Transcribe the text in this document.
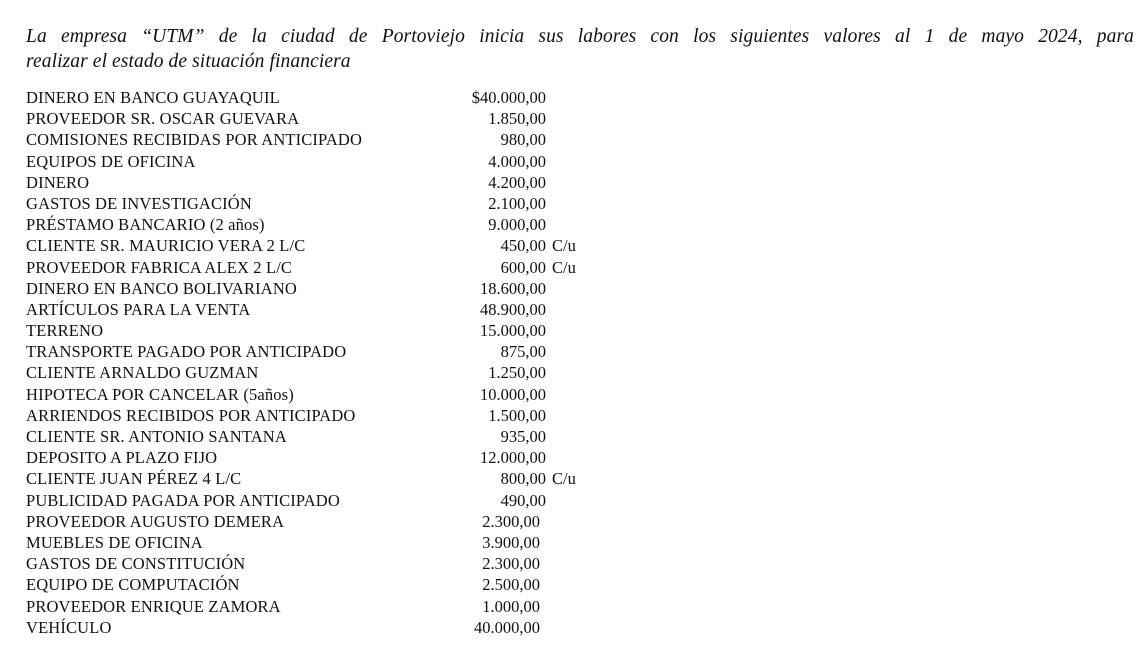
La empresa “UTM” de la ciudad de Portoviejo inicia sus labores con los siguientes valores al 1 de mayo 2024, para
realizar el estado de situación financiera
DINERO EN BANCO GUAYAQUIL	$40.000,00
PROVEEDOR SR. OSCAR GUEVARA	1.850,00
COMISIONES RECIBIDAS POR ANTICIPADO	980,00
EQUIPOS DE OFICINA	4.000,00
DINERO	4.200,00
GASTOS DE INVESTIGACIÓN	2.100,00
PRÉSTAMO BANCARIO (2 años)	9.000,00
CLIENTE SR. MAURICIO VERA 2 L/C	450,00 C/u
PROVEEDOR FABRICA ALEX 2 L/C	600,00 C/u
DINERO EN BANCO BOLIVARIANO	18.600,00
ARTÍCULOS PARA LA VENTA	48.900,00
TERRENO	15.000,00
TRANSPORTE PAGADO POR ANTICIPADO	875,00
CLIENTE ARNALDO GUZMAN	1.250,00
HIPOTECA POR CANCELAR (5años)	10.000,00
ARRIENDOS RECIBIDOS POR ANTICIPADO	1.500,00
CLIENTE SR. ANTONIO SANTANA	935,00
DEPOSITO A PLAZO FIJO	12.000,00
CLIENTE JUAN PÉREZ 4 L/C	800,00 C/u
PUBLICIDAD PAGADA POR ANTICIPADO	490,00
PROVEEDOR AUGUSTO DEMERA	2.300,00
MUEBLES DE OFICINA	3.900,00
GASTOS DE CONSTITUCIÓN	2.300,00
EQUIPO DE COMPUTACIÓN	2.500,00
PROVEEDOR ENRIQUE ZAMORA	1.000,00
VEHÍCULO	40.000,00
